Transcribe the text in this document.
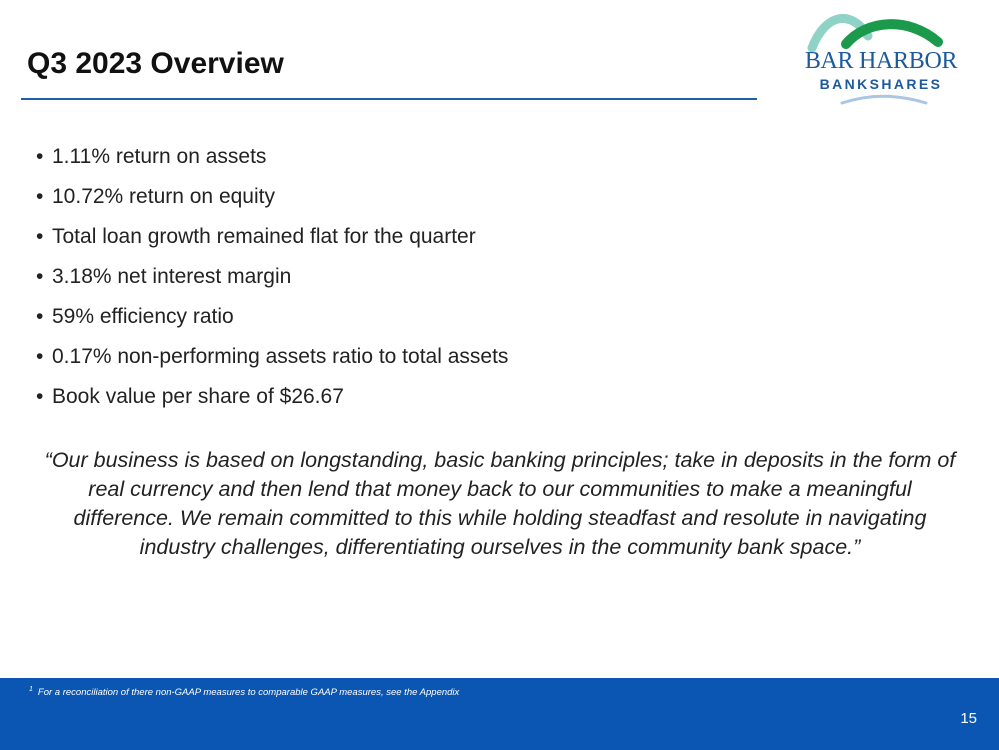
Q3 2023 Overview	BAR HARBOR
BANKSHARES
• 1.11% return on assets
• 10.72% return on equity
• Total loan growth remained flat for the quarter
• 3.18% net interest margin
• 59% efficiency ratio
• 0.17% non-performing assets ratio to total assets
• Book value per share of $26.67

“Our business is based on longstanding, basic banking principles; take in deposits in the form of real currency and then lend that money back to our communities to make a meaningful difference. We remain committed to this while holding steadfast and resolute in navigating industry challenges, differentiating ourselves in the community bank space.”

$^1$ For a reconciliation of there non-GAAP measures to comparable GAAP measures, see the Appendix
15
